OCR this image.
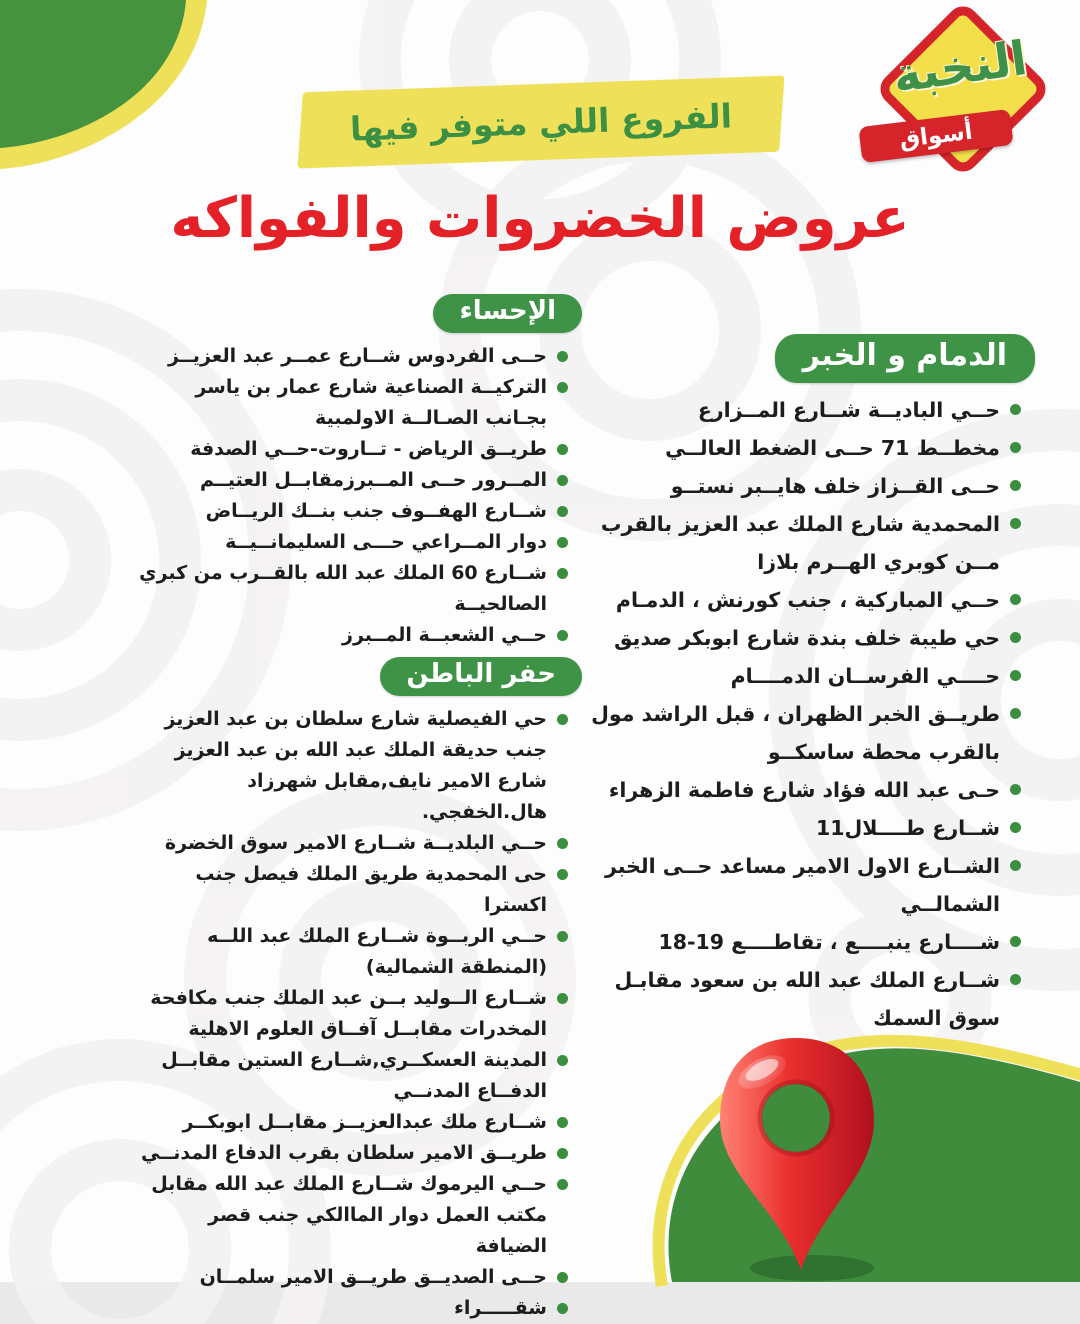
النخبة
أسواق
الفروع اللي متوفر فيها
عروض الخضروات والفواكه
الإحساء
حــى الفردوس شــارع عمــر عبد العزيــز
التركيــة الصناعية شارع عمار بن ياسر بجـانب الصـالــة الاولمبية
طريــق الرياض - تــاروت-حــي الصدفة
المــرور حــى المــبرزمقابــل العتيــم
شــارع الهفــوف جنب بنــك الريــاض
دوار المــراعي حـــى السليمانــيــة
شــارع 60 الملك عبد الله بالقــرب من كبري الصالحيــة
حــي الشعبــة المــبرز
حفر الباطن
حي الفيصلية شارع سلطان بن عبد العزيز جنب حديقة الملك عبد الله بن عبد العزيز شارع الامير نايف,مقابل شهرزاد هال.الخفجي.
حــي البلديــة شــارع الامير سوق الخضرة
حى المحمدية طريق الملك فيصل جنب اكسترا
حــي الربــوة شــارع الملك عبد اللــه (المنطقة الشمالية)
شــارع الــوليد بــن عبد الملك جنب مكافحة المخدرات مقابــل آفــاق العلوم الاهلية
المدينة العسكــري,شــارع الستين مقابــل الدفــاع المدنــي
شــارع ملك عبدالعزيــز مقابــل ابوبكــر
طريــق الامير سلطان بقرب الدفاع المدنــي
حــي اليرموك شــارع الملك عبد الله مقابل مكتب العمل دوار الماالكي جنب قصر الضيافة
حــى الصديــق طريــق الامير سلمــان
شقـــــراء
الدمام و الخبر
حــي الباديــة شــارع المــزارع
مخطــط 71 حــى الضغط العالــي
حــى القــزاز خلف هايــبر نستــو
المحمدية شارع الملك عبد العزيز بالقرب مــن كوبري الهــرم بلازا
حــي المباركية ، جنب كورنش ، الدمـام
حي طيبة خلف بندة شارع ابوبكر صديق
حــــي الفرســان الدمــــام
طريــق الخبر الظهران ، قبل الراشد مول بالقرب محطة ساسكــو
حـى عبد الله فؤاد شارع فاطمة الزهراء
شــارع طــــلال11
الشــارع الاول الامير مساعد حــى الخبر الشمالــي
شــــارع ينبــــع ، تقاطــــع 19-18
شــارع الملك عبد الله بن سعود مقابـل سوق السمك
